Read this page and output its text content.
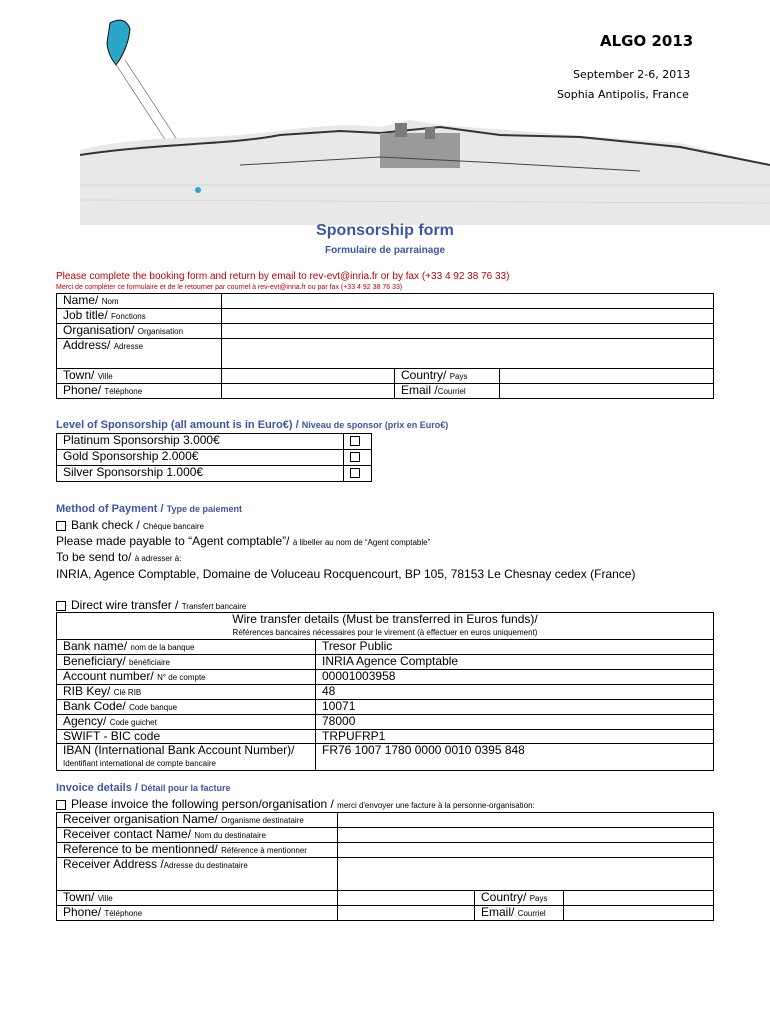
ALGO 2013
September 2-6, 2013
Sophia Antipolis, France
Sponsorship form
Formulaire de parrainage
Please complete the booking form and return by email to rev-evt@inria.fr or by fax (+33 4 92 38 76 33)
Merci de compléter ce formulaire et de le retourner par courriel à rev-evt@inria.fr ou par fax (+33 4 92 38 76 33)
Name/ Nom			
Job title/ Fonctions			
Organisation/ Organisation			
Address/ Adresse			
Town/ Ville		Country/ Pays	
Phone/ Téléphone		Email /Courriel	
Level of Sponsorship (all amount is in Euro€) / Niveau de sponsor (prix en Euro€)
Platinum Sponsorship 3.000€	
Gold Sponsorship 2.000€	
Silver Sponsorship 1.000€	
Method of Payment / Type de paiement
Bank check / Chèque bancaire
Please made payable to “Agent comptable”/ à libeller au nom de “Agent comptable”
To be send to/ à adresser à:
INRIA, Agence Comptable, Domaine de Voluceau Rocquencourt, BP 105, 78153 Le Chesnay cedex (France)
Direct wire transfer / Transfert bancaire
Wire transfer details (Must be transferred in Euros funds)/
Références bancaires nécessaires pour le virement (à effectuer en euros uniquement)	

Bank name/ nom de la banque	Tresor Public
Beneficiary/ bénéficiaire	INRIA Agence Comptable
Account number/ N° de compte	00001003958
RIB Key/ Clé RIB	48
Bank Code/ Code banque	10071
Agency/ Code guichet	78000
SWIFT - BIC code	TRPUFRP1
IBAN (International Bank Account Number)/
Identifiant international de compte bancaire	FR76 1007 1780 0000 0010 0395 848
Invoice details / Détail pour la facture
Please invoice the following person/organisation / merci d'envoyer une facture à la personne-organisation:
Receiver organisation Name/ Organisme destinataire			
Receiver contact Name/ Nom du destinataire			
Reference to be mentionned/ Référence à mentionner			
Receiver Address /Adresse du destinataire			
Town/ Ville		Country/ Pays	
Phone/ Téléphone		Email/ Courriel	
